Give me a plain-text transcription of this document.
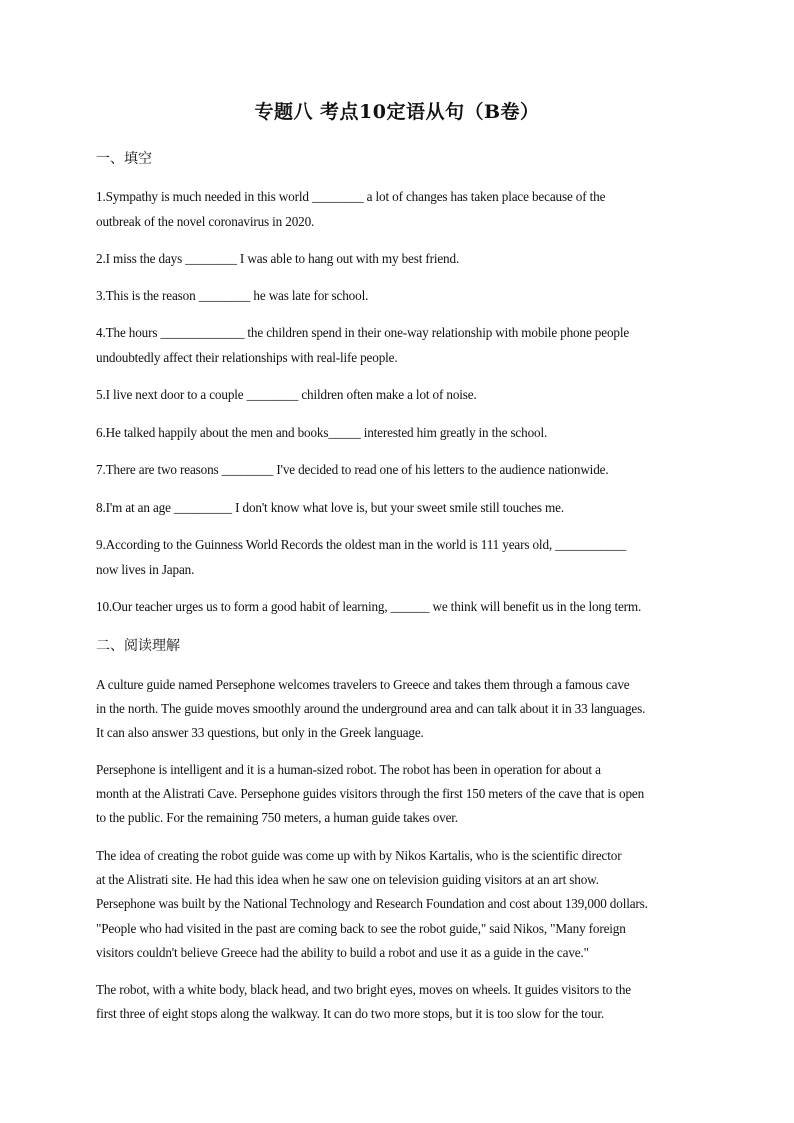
专题八 考点10定语从句（B卷）
一、填空
1.Sympathy is much needed in this world ________ a lot of changes has taken place because of the
outbreak of the novel coronavirus in 2020.
2.I miss the days ________ I was able to hang out with my best friend.
3.This is the reason ________ he was late for school.
4.The hours _____________ the children spend in their one-way relationship with mobile phone people
undoubtedly affect their relationships with real-life people.
5.I live next door to a couple ________ children often make a lot of noise.
6.He talked happily about the men and books_____ interested him greatly in the school.
7.There are two reasons ________ I've decided to read one of his letters to the audience nationwide.
8.I'm at an age _________ I don't know what love is, but your sweet smile still touches me.
9.According to the Guinness World Records the oldest man in the world is 111 years old, ___________
now lives in Japan.
10.Our teacher urges us to form a good habit of learning, ______ we think will benefit us in the long term.
二、阅读理解
A culture guide named Persephone welcomes travelers to Greece and takes them through a famous cave
in the north. The guide moves smoothly around the underground area and can talk about it in 33 languages.
It can also answer 33 questions, but only in the Greek language.
Persephone is intelligent and it is a human-sized robot. The robot has been in operation for about a
month at the Alistrati Cave. Persephone guides visitors through the first 150 meters of the cave that is open
to the public. For the remaining 750 meters, a human guide takes over.
The idea of creating the robot guide was come up with by Nikos Kartalis, who is the scientific director
at the Alistrati site. He had this idea when he saw one on television guiding visitors at an art show.
Persephone was built by the National Technology and Research Foundation and cost about 139,000 dollars.
"People who had visited in the past are coming back to see the robot guide," said Nikos, "Many foreign
visitors couldn't believe Greece had the ability to build a robot and use it as a guide in the cave."
The robot, with a white body, black head, and two bright eyes, moves on wheels. It guides visitors to the
first three of eight stops along the walkway. It can do two more stops, but it is too slow for the tour.
